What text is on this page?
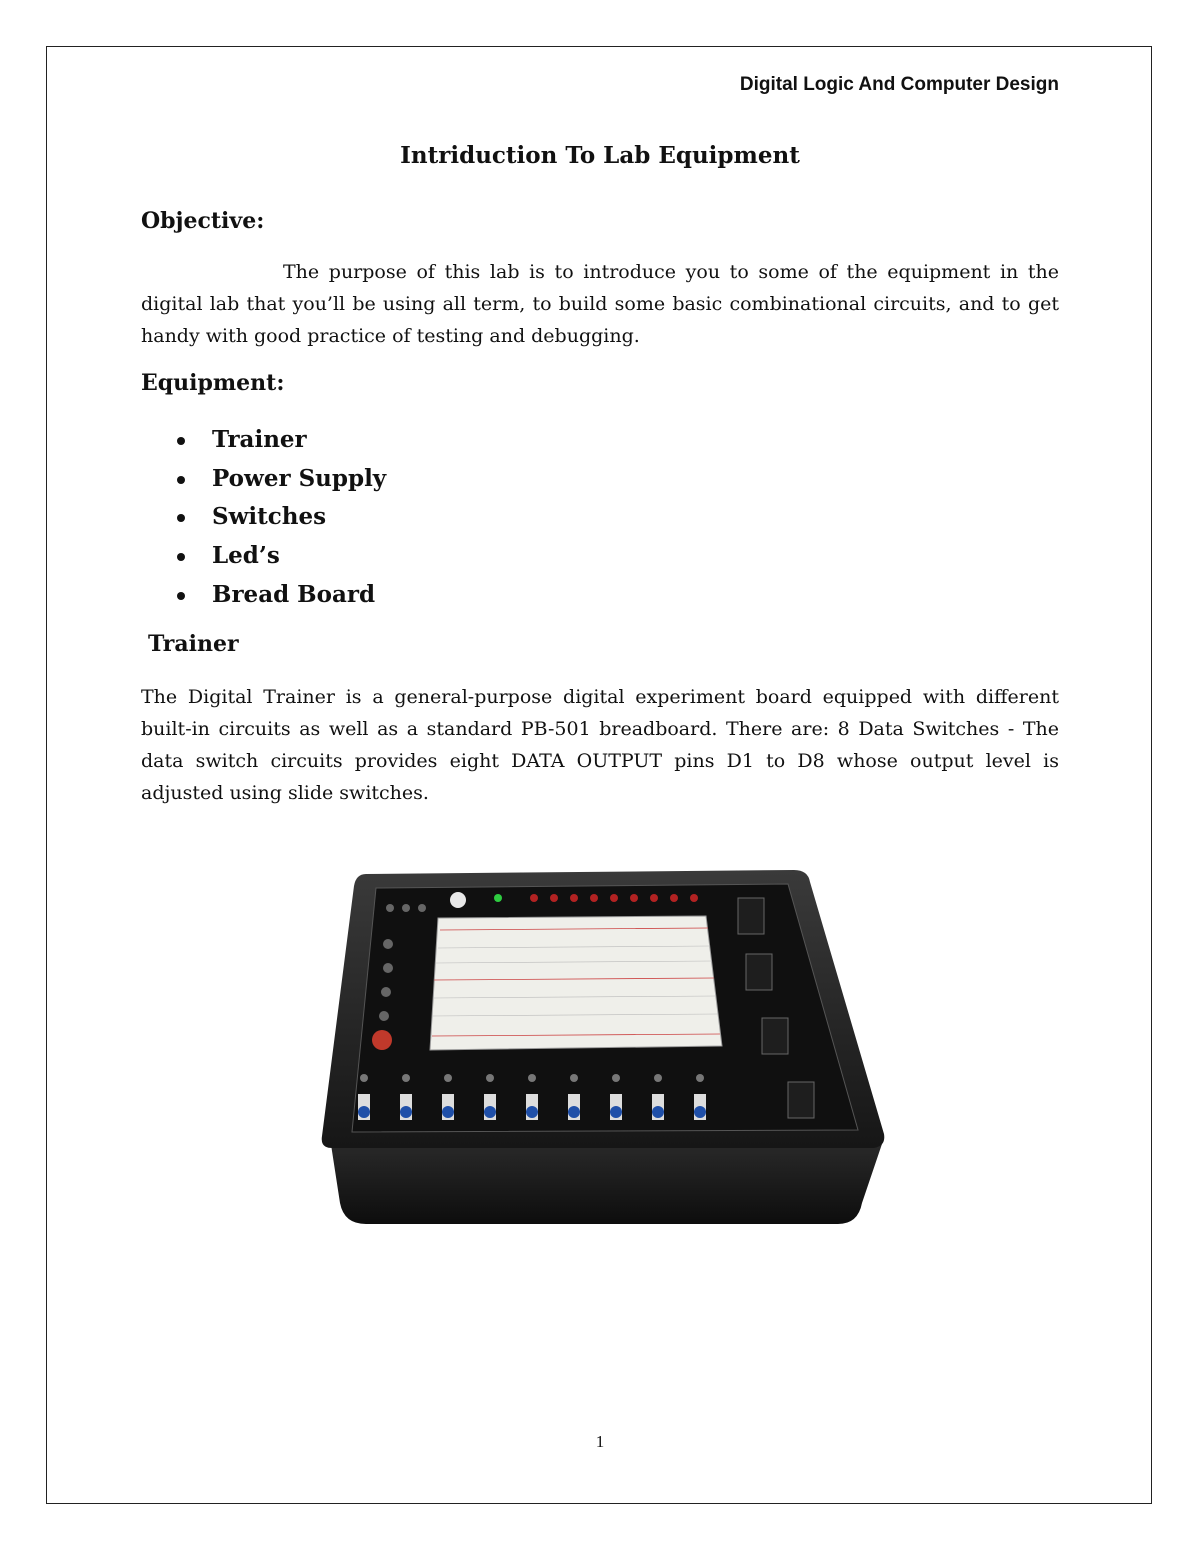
Digital Logic And Computer Design
Intriduction To Lab Equipment
Objective:
The purpose of this lab is to introduce you to some of the equipment in the digital lab that you’ll be using all term, to build some basic combinational circuits, and to get handy with good practice of testing and debugging.
Equipment:
Trainer
Power Supply
Switches
Led’s
Bread Board
Trainer
The Digital Trainer is a general-purpose digital experiment board equipped with different built-in circuits as well as a standard PB-501 breadboard. There are: 8 Data Switches - The data switch circuits provides eight DATA OUTPUT pins D1 to D8 whose output level is adjusted using slide switches.
1
